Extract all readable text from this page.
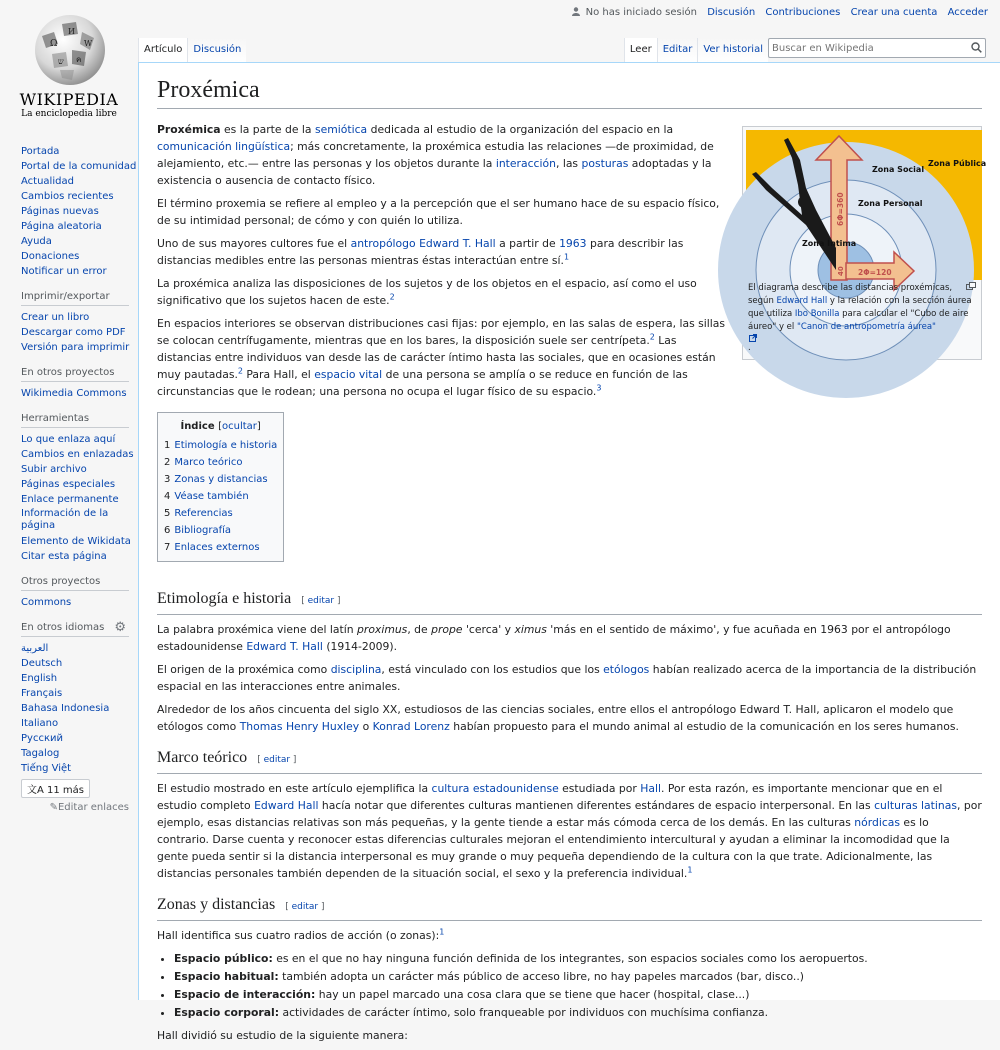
Ω
И
W
ש ค
WIKIPEDIA
La enciclopedia libre
No has iniciado sesión Discusión Contribuciones Crear una cuenta Acceder
Artículo	Discusión	Leer	Editar	Ver historial
Buscar en Wikipedia
Portada
Portal de la comunidad
Actualidad
Cambios recientes
Páginas nuevas
Página aleatoria
Ayuda
Donaciones
Notificar un error
Imprimir/exportar
Crear un libro
Descargar como PDF
Versión para imprimir
En otros proyectos
Wikimedia Commons
Herramientas
Lo que enlaza aquí
Cambios en enlazadas
Subir archivo
Páginas especiales
Enlace permanente
Información de la página
Elemento de Wikidata
Citar esta página
Otros proyectos
Commons
En otros idiomas ⚙
العربية
Deutsch
English
Français
Bahasa Indonesia
Italiano
Русский
Tagalog
Tiếng Việt
文A 11 más
✎Editar enlaces
Proxémica
Zona Social
Zona Pública
Zona Personal
Zona Íntima
6Φ=360
2Φ=120
40
El diagrama describe las distancias proxémicas, según Edward Hall y la relación con la sección áurea que utiliza Ibo Bonilla para calcular el "Cubo de aire áureo" y el "Canon de antropometría áurea"
.

Proxémica es la parte de la semiótica dedicada al estudio de la organización del espacio en la comunicación lingüística; más concretamente, la proxémica estudia las relaciones —de proximidad, de alejamiento, etc.— entre las personas y los objetos durante la interacción, las posturas adoptadas y la existencia o ausencia de contacto físico.

El término proxemia se refiere al empleo y a la percepción que el ser humano hace de su espacio físico, de su intimidad personal; de cómo y con quién lo utiliza.

Uno de sus mayores cultores fue el antropólogo Edward T. Hall a partir de 1963 para describir las distancias medibles entre las personas mientras éstas interactúan entre sí.$^1$

La proxémica analiza las disposiciones de los sujetos y de los objetos en el espacio, así como el uso significativo que los sujetos hacen de este.$^2$

En espacios interiores se observan distribuciones casi fijas: por ejemplo, en las salas de espera, las sillas se colocan centrífugamente, mientras que en los bares, la disposición suele ser centrípeta.$^2$ Las distancias entre individuos van desde las de carácter íntimo hasta las sociales, que en ocasiones están muy pautadas.$^2$ Para Hall, el espacio vital de una persona se amplía o se reduce en función de las circunstancias que le rodean; una persona no ocupa el lugar físico de su espacio.$^3$

Índice [ocultar]
1 Etimología e historia
2 Marco teórico
3 Zonas y distancias
4 Véase también
5 Referencias
6 Bibliografía
7 Enlaces externos
Etimología e historia [ editar ]

La palabra proxémica viene del latín proximus, de prope 'cerca' y ximus 'más en el sentido de máximo', y fue acuñada en 1963 por el antropólogo estadounidense Edward T. Hall (1914-2009).

El origen de la proxémica como disciplina, está vinculado con los estudios que los etólogos habían realizado acerca de la importancia de la distribución espacial en las interacciones entre animales.

Alrededor de los años cincuenta del siglo XX, estudiosos de las ciencias sociales, entre ellos el antropólogo Edward T. Hall, aplicaron el modelo que etólogos como Thomas Henry Huxley o Konrad Lorenz habían propuesto para el mundo animal al estudio de la comunicación en los seres humanos.

Marco teórico [ editar ]

El estudio mostrado en este artículo ejemplifica la cultura estadounidense estudiada por Hall. Por esta razón, es importante mencionar que en el estudio completo Edward Hall hacía notar que diferentes culturas mantienen diferentes estándares de espacio interpersonal. En las culturas latinas, por ejemplo, esas distancias relativas son más pequeñas, y la gente tiende a estar más cómoda cerca de los demás. En las culturas nórdicas es lo contrario. Darse cuenta y reconocer estas diferencias culturales mejoran el entendimiento intercultural y ayudan a eliminar la incomodidad que la gente pueda sentir si la distancia interpersonal es muy grande o muy pequeña dependiendo de la cultura con la que trate. Adicionalmente, las distancias personales también dependen de la situación social, el sexo y la preferencia individual.$^1$

Zonas y distancias [ editar ]

Hall identifica sus cuatro radios de acción (o zonas):$^1$

• Espacio público: es en el que no hay ninguna función definida de los integrantes, son espacios sociales como los aeropuertos.
• Espacio habitual: también adopta un carácter más público de acceso libre, no hay papeles marcados (bar, disco..)
• Espacio de interacción: hay un papel marcado una cosa clara que se tiene que hacer (hospital, clase...)
• Espacio corporal: actividades de carácter íntimo, solo franqueable por individuos con muchísima confianza.

Hall dividió su estudio de la siguiente manera:
